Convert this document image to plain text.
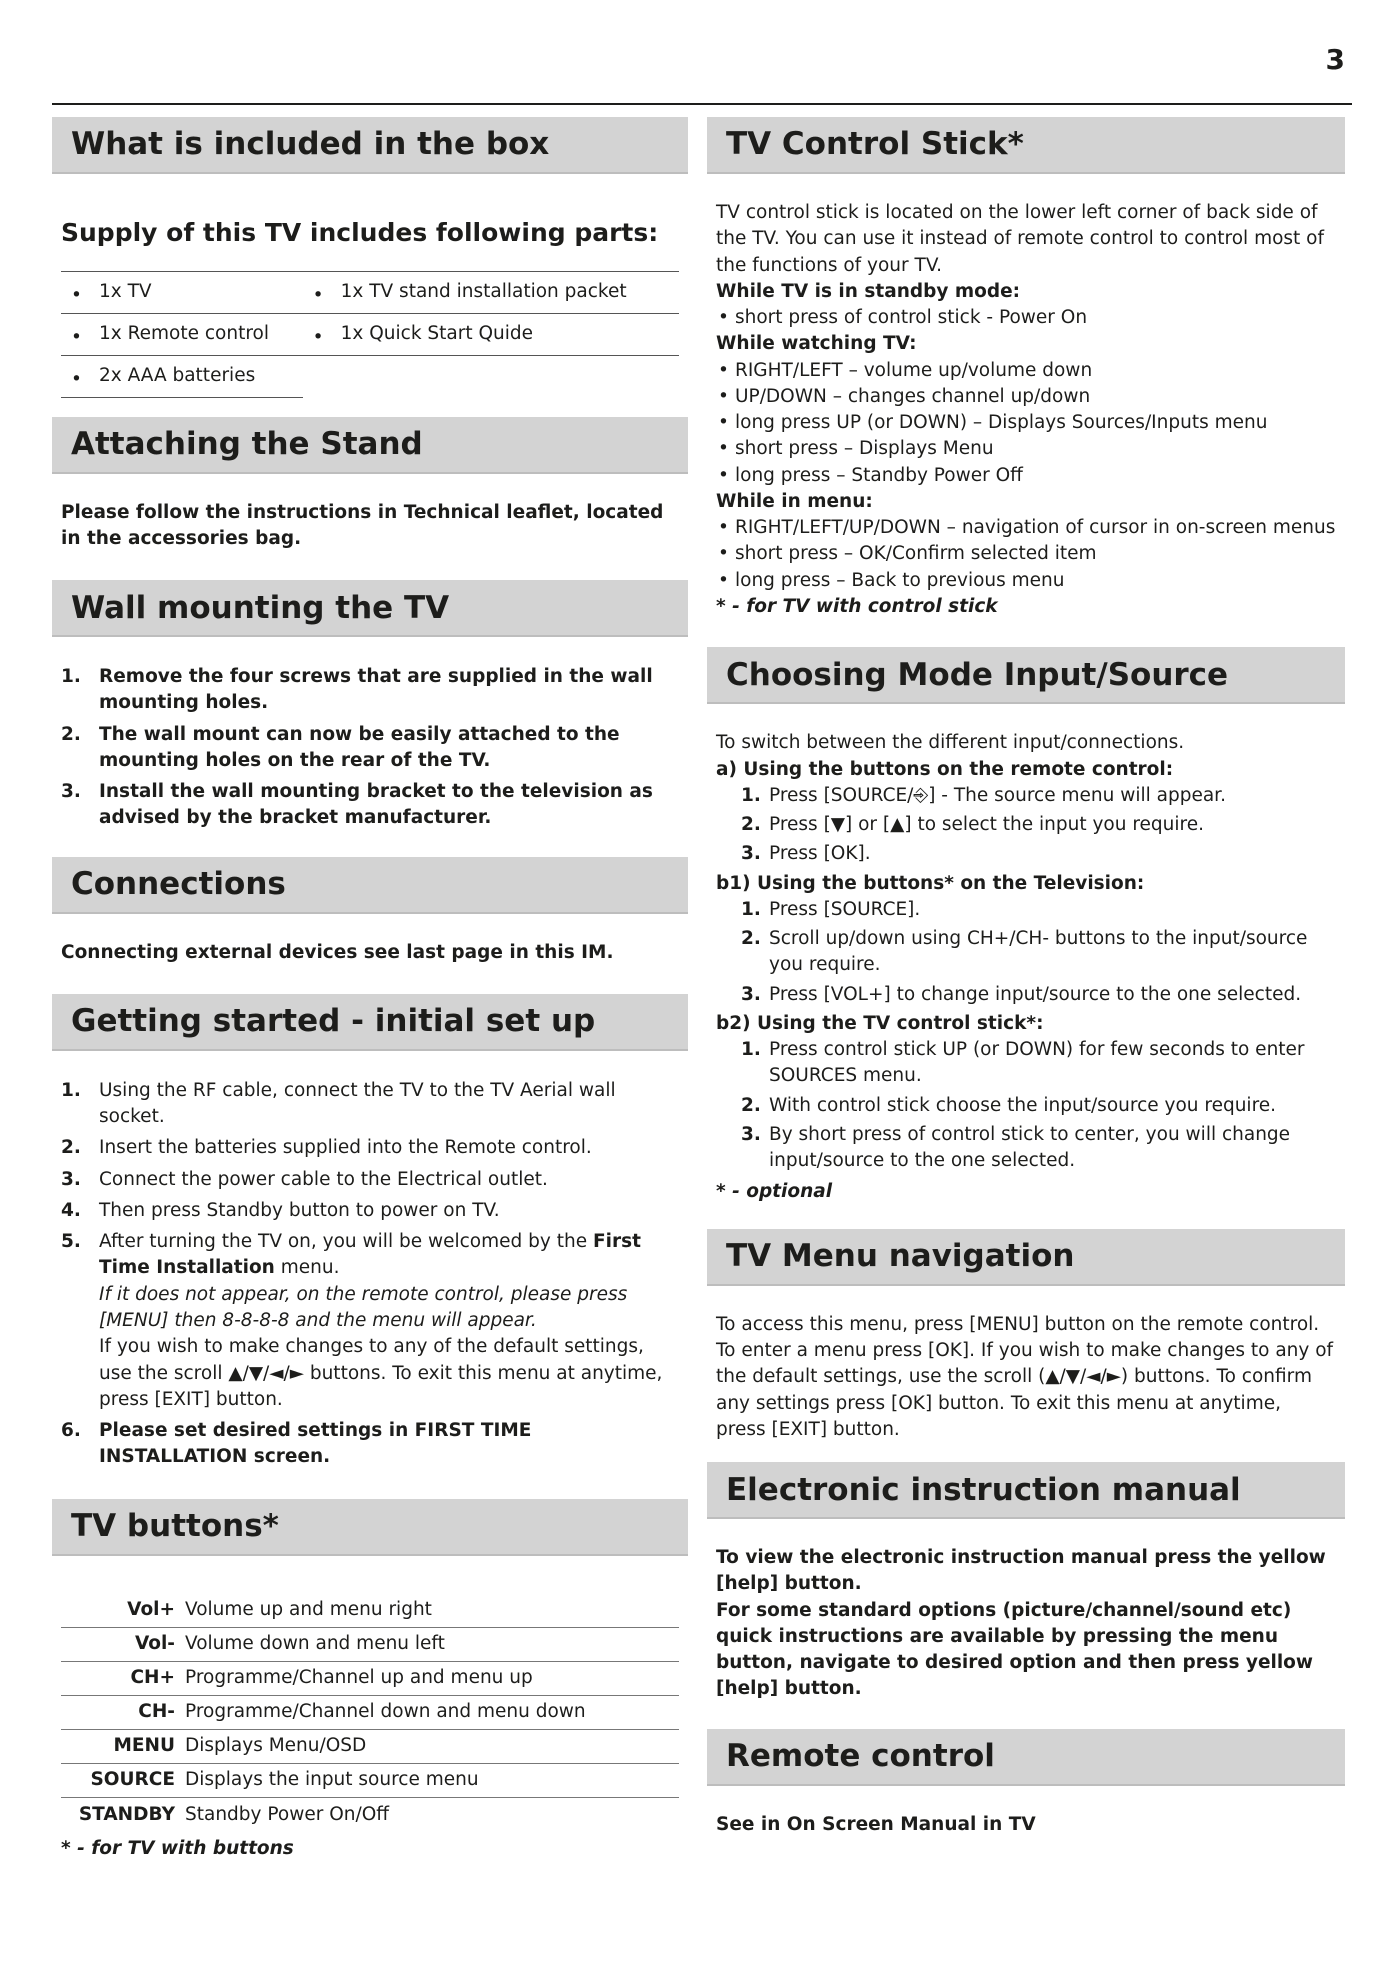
3
What is included in the box
Supply of this TV includes following parts:
• 1x TV	• 1x TV stand installation packet

• 1x Remote control	• 1x Quick Start Quide

• 2x AAA batteries	
Attaching the Stand
Please follow the instructions in Technical leaflet, located in the accessories bag.
Wall mounting the TV
1. Remove the four screws that are supplied in the wall mounting holes.
2. The wall mount can now be easily attached to the mounting holes on the rear of the TV.
3. Install the wall mounting bracket to the television as advised by the bracket manufacturer.
Connections
Connecting external devices see last page in this IM.
Getting started - initial set up
1. Using the RF cable, connect the TV to the TV Aerial wall socket.
2. Insert the batteries supplied into the Remote control.
3. Connect the power cable to the Electrical outlet.
4. Then press Standby button to power on TV.
5. After turning the TV on, you will be welcomed by the First Time Installation menu.
If it does not appear, on the remote control, please press [MENU] then 8-8-8-8 and the menu will appear.
If you wish to make changes to any of the default settings, use the scroll ▲/▼/◄/► buttons. To exit this menu at anytime, press [EXIT] button.
6. Please set desired settings in FIRST TIME INSTALLATION screen.
TV buttons*
Vol+	Volume up and menu right
Vol-	Volume down and menu left
CH+	Programme/Channel up and menu up
CH-	Programme/Channel down and menu down
MENU	Displays Menu/OSD
SOURCE	Displays the input source menu
STANDBY	Standby Power On/Off
* - for TV with buttons
TV Control Stick*
TV control stick is located on the lower left corner of back side of the TV. You can use it instead of remote control to control most of the functions of your TV.
While TV is in standby mode:
• short press of control stick - Power On
While watching TV:
• RIGHT/LEFT – volume up/volume down
• UP/DOWN – changes channel up/down
• long press UP (or DOWN) – Displays Sources/Inputs menu
• short press – Displays Menu
• long press – Standby Power Off
While in menu:
• RIGHT/LEFT/UP/DOWN – navigation of cursor in on-screen menus
• short press – OK/Confirm selected item
• long press – Back to previous menu
* - for TV with control stick
Choosing Mode Input/Source
To switch between the different input/connections.
a) Using the buttons on the remote control:
1. Press [SOURCE/⎆] - The source menu will appear.
2. Press [▼] or [▲] to select the input you require.
3. Press [OK].
b1) Using the buttons* on the Television:
1. Press [SOURCE].
2. Scroll up/down using CH+/CH- buttons to the input/source you require.
3. Press [VOL+] to change input/source to the one selected.
b2) Using the TV control stick*:
1. Press control stick UP (or DOWN) for few seconds to enter SOURCES menu.
2. With control stick choose the input/source you require.
3. By short press of control stick to center, you will change input/source to the one selected.
* - optional
TV Menu navigation
To access this menu, press [MENU] button on the remote control. To enter a menu press [OK]. If you wish to make changes to any of the default settings, use the scroll (▲/▼/◄/►) buttons. To confirm any settings press [OK] button. To exit this menu at anytime, press [EXIT] button.
Electronic instruction manual
To view the electronic instruction manual press the yellow [help] button.
For some standard options (picture/channel/sound etc) quick instructions are available by pressing the menu button, navigate to desired option and then press yellow [help] button.
Remote control
See in On Screen Manual in TV
